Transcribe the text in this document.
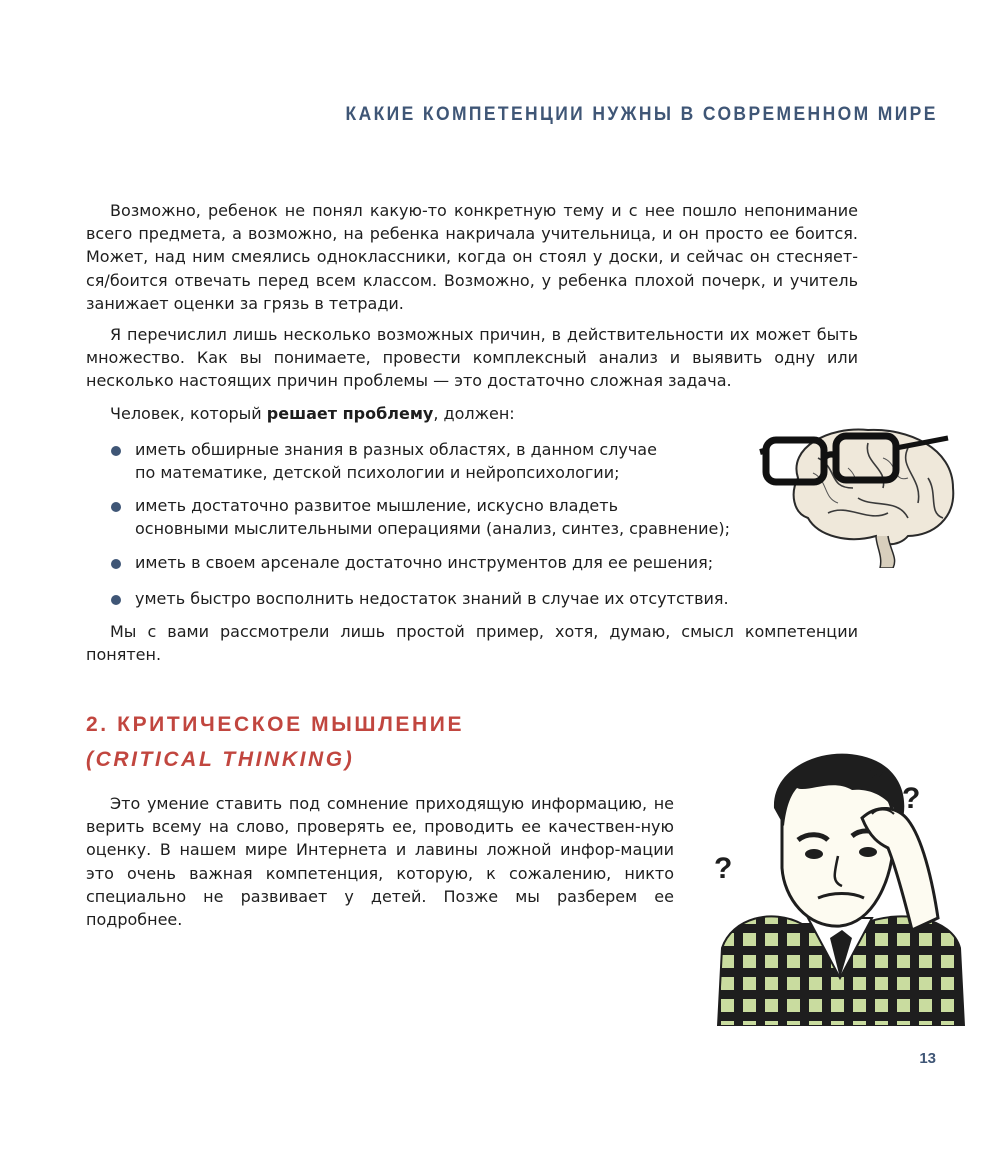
КАКИЕ КОМПЕТЕНЦИИ НУЖНЫ В СОВРЕМЕННОМ МИРЕ

Возможно, ребенок не понял какую-то конкретную тему и с нее пошло непонимание всего предмета, а возможно, на ребенка накричала учительница, и он просто ее боится. Может, над ним смеялись одноклассники, когда он стоял у доски, и сейчас он стесняет-ся/боится отвечать перед всем классом. Возможно, у ребенка плохой почерк, и учитель занижает оценки за грязь в тетради.

Я перечислил лишь несколько возможных причин, в действительности их может быть множество. Как вы понимаете, провести комплексный анализ и выявить одну или несколько настоящих причин проблемы — это достаточно сложная задача.

Человек, который решает проблему, должен:

иметь обширные знания в разных областях, в данном случае
по математике, детской психологии и нейропсихологии;
иметь достаточно развитое мышление, искусно владеть
основными мыслительными операциями (анализ, синтез, сравнение);
иметь в своем арсенале достаточно инструментов для ее решения;
уметь быстро восполнить недостаток знаний в случае их отсутствия.

Мы с вами рассмотрели лишь простой пример, хотя, думаю, смысл компетенции понятен.

2. КРИТИЧЕСКОЕ МЫШЛЕНИЕ
(CRITICAL THINKING)

Это умение ставить под сомнение приходящую информацию, не верить всему на слово, проверять ее, проводить ее качествен-ную оценку. В нашем мире Интернета и лавины ложной инфор-мации это очень важная компетенция, которую, к сожалению, никто специально не развивает у детей. Позже мы разберем ее подробнее.

?
?
?
13
